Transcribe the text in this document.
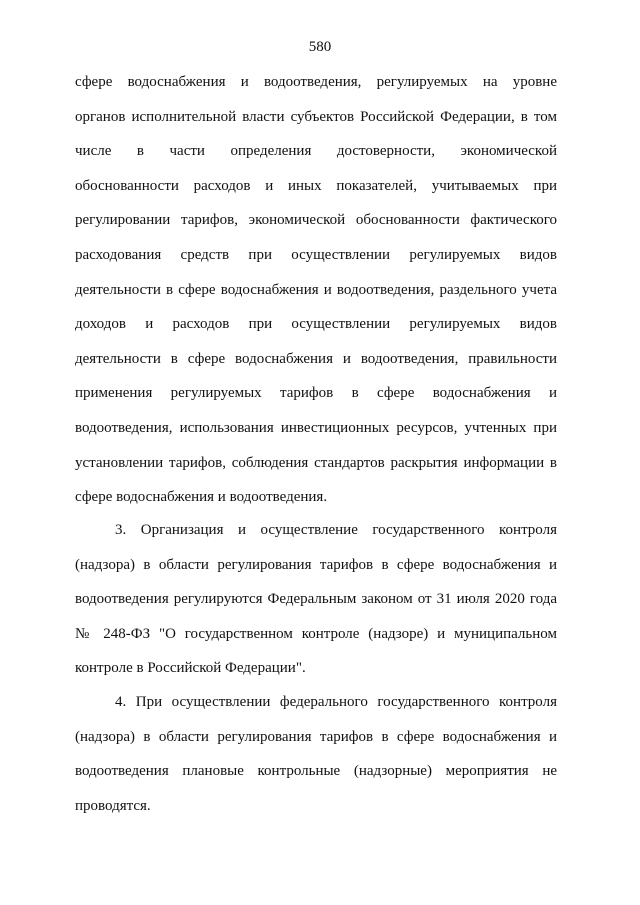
580
сфере водоснабжения и водоотведения, регулируемых на уровне
органов исполнительной власти субъектов Российской Федерации, в том
числе в части определения достоверности, экономической
обоснованности расходов и иных показателей, учитываемых при
регулировании тарифов, экономической обоснованности фактического
расходования средств при осуществлении регулируемых видов
деятельности в сфере водоснабжения и водоотведения, раздельного учета
доходов и расходов при осуществлении регулируемых видов
деятельности в сфере водоснабжения и водоотведения, правильности
применения регулируемых тарифов в сфере водоснабжения и
водоотведения, использования инвестиционных ресурсов, учтенных при
установлении тарифов, соблюдения стандартов раскрытия информации в
сфере водоснабжения и водоотведения.
3. Организация и осуществление государственного контроля
(надзора) в области регулирования тарифов в сфере водоснабжения и
водоотведения регулируются Федеральным законом от 31 июля 2020 года
№ 248-ФЗ "О государственном контроле (надзоре) и муниципальном
контроле в Российской Федерации".
4. При осуществлении федерального государственного контроля
(надзора) в области регулирования тарифов в сфере водоснабжения и
водоотведения плановые контрольные (надзорные) мероприятия не
проводятся.
